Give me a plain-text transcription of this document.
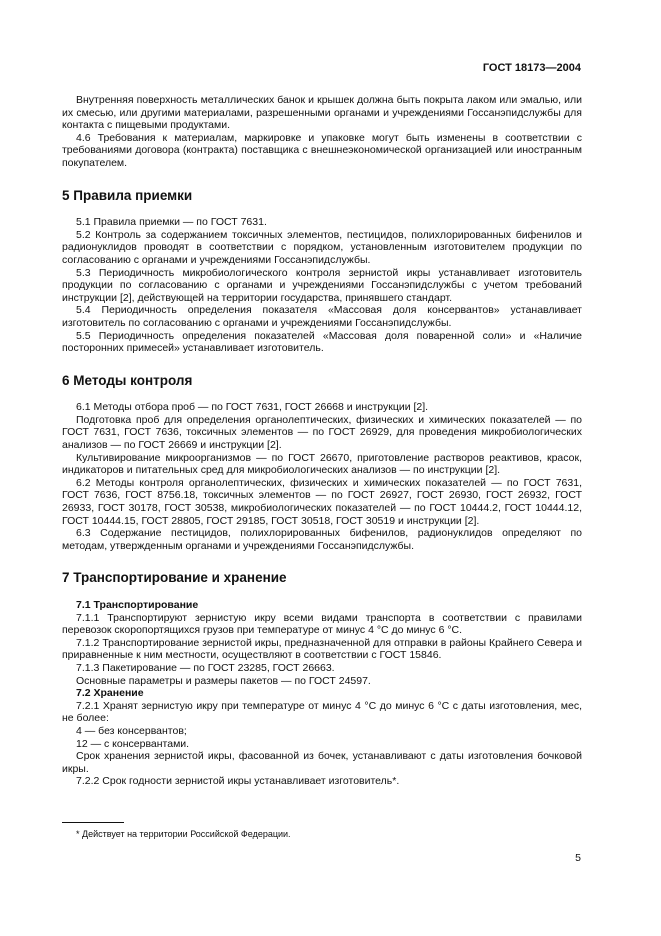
ГОСТ 18173—2004

Внутренняя поверхность металлических банок и крышек должна быть покрыта лаком или эмалью, или их смесью, или другими материалами, разрешенными органами и учреждениями Госсанэпидслужбы для контакта с пищевыми продуктами.

4.6 Требования к материалам, маркировке и упаковке могут быть изменены в соответствии с требованиями договора (контракта) поставщика с внешнеэкономической организацией или иностранным покупателем.

5 Правила приемки

5.1 Правила приемки — по ГОСТ 7631.

5.2 Контроль за содержанием токсичных элементов, пестицидов, полихлорированных бифенилов и радионуклидов проводят в соответствии с порядком, установленным изготовителем продукции по согласованию с органами и учреждениями Госсанэпидслужбы.

5.3 Периодичность микробиологического контроля зернистой икры устанавливает изготовитель продукции по согласованию с органами и учреждениями Госсанэпидслужбы с учетом требований инструкции [2], действующей на территории государства, принявшего стандарт.

5.4 Периодичность определения показателя «Массовая доля консервантов» устанавливает изготовитель по согласованию с органами и учреждениями Госсанэпидслужбы.

5.5 Периодичность определения показателей «Массовая доля поваренной соли» и «Наличие посторонних примесей» устанавливает изготовитель.

6 Методы контроля

6.1 Методы отбора проб — по ГОСТ 7631, ГОСТ 26668 и инструкции [2].

Подготовка проб для определения органолептических, физических и химических показателей — по ГОСТ 7631, ГОСТ 7636, токсичных элементов — по ГОСТ 26929, для проведения микробиологических анализов — по ГОСТ 26669 и инструкции [2].

Культивирование микроорганизмов — по ГОСТ 26670, приготовление растворов реактивов, красок, индикаторов и питательных сред для микробиологических анализов — по инструкции [2].

6.2 Методы контроля органолептических, физических и химических показателей — по ГОСТ 7631, ГОСТ 7636, ГОСТ 8756.18, токсичных элементов — по ГОСТ 26927, ГОСТ 26930, ГОСТ 26932, ГОСТ 26933, ГОСТ 30178, ГОСТ 30538, микробиологических показателей — по ГОСТ 10444.2, ГОСТ 10444.12, ГОСТ 10444.15, ГОСТ 28805, ГОСТ 29185, ГОСТ 30518, ГОСТ 30519 и инструкции [2].

6.3 Содержание пестицидов, полихлорированных бифенилов, радионуклидов определяют по методам, утвержденным органами и учреждениями Госсанэпидслужбы.

7 Транспортирование и хранение

7.1 Транспортирование

7.1.1 Транспортируют зернистую икру всеми видами транспорта в соответствии с правилами перевозок скоропортящихся грузов при температуре от минус 4 °С до минус 6 °С.

7.1.2 Транспортирование зернистой икры, предназначенной для отправки в районы Крайнего Севера и приравненные к ним местности, осуществляют в соответствии с ГОСТ 15846.

7.1.3 Пакетирование — по ГОСТ 23285, ГОСТ 26663.

Основные параметры и размеры пакетов — по ГОСТ 24597.

7.2 Хранение

7.2.1 Хранят зернистую икру при температуре от минус 4 °С до минус 6 °С с даты изготовления, мес, не более:

4 — без консервантов;

12 — с консервантами.

Срок хранения зернистой икры, фасованной из бочек, устанавливают с даты изготовления бочковой икры.

7.2.2 Срок годности зернистой икры устанавливает изготовитель*.

* Действует на территории Российской Федерации.
5
